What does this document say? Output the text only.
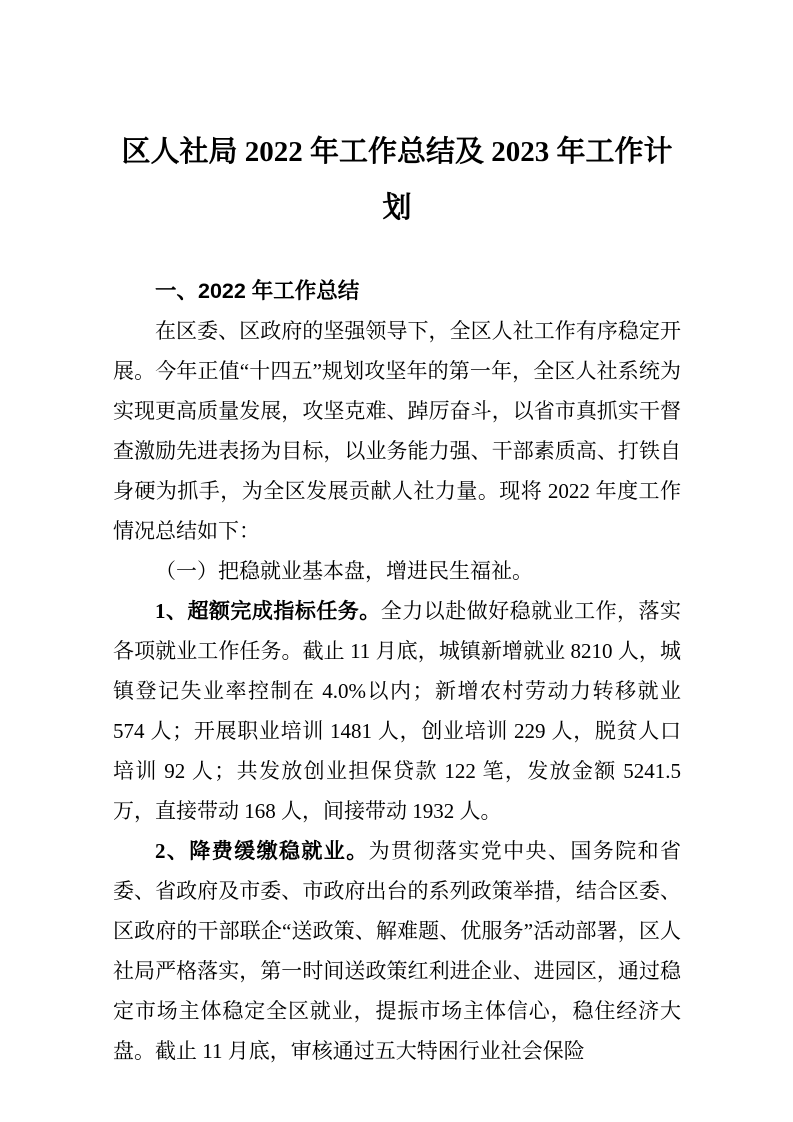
区人社局 2022 年工作总结及 2023 年工作计
划
一、2022 年工作总结

在区委、区政府的坚强领导下，全区人社工作有序稳定开展。今年正值“十四五”规划攻坚年的第一年，全区人社系统为实现更高质量发展，攻坚克难、踔厉奋斗，以省市真抓实干督查激励先进表扬为目标，以业务能力强、干部素质高、打铁自身硬为抓手，为全区发展贡献人社力量。现将 2022 年度工作情况总结如下：

（一）把稳就业基本盘，增进民生福祉。

1、超额完成指标任务。全力以赴做好稳就业工作，落实各项就业工作任务。截止 11 月底，城镇新增就业 8210 人，城镇登记失业率控制在 4.0%以内；新增农村劳动力转移就业 574 人；开展职业培训 1481 人，创业培训 229 人，脱贫人口培训 92 人；共发放创业担保贷款 122 笔，发放金额 5241.5 万，直接带动 168 人，间接带动 1932 人。

2、降费缓缴稳就业。为贯彻落实党中央、国务院和省委、省政府及市委、市政府出台的系列政策举措，结合区委、区政府的干部联企“送政策、解难题、优服务”活动部署，区人社局严格落实，第一时间送政策红利进企业、进园区，通过稳定市场主体稳定全区就业，提振市场主体信心，稳住经济大盘。截止 11 月底，审核通过五大特困行业社会保险
